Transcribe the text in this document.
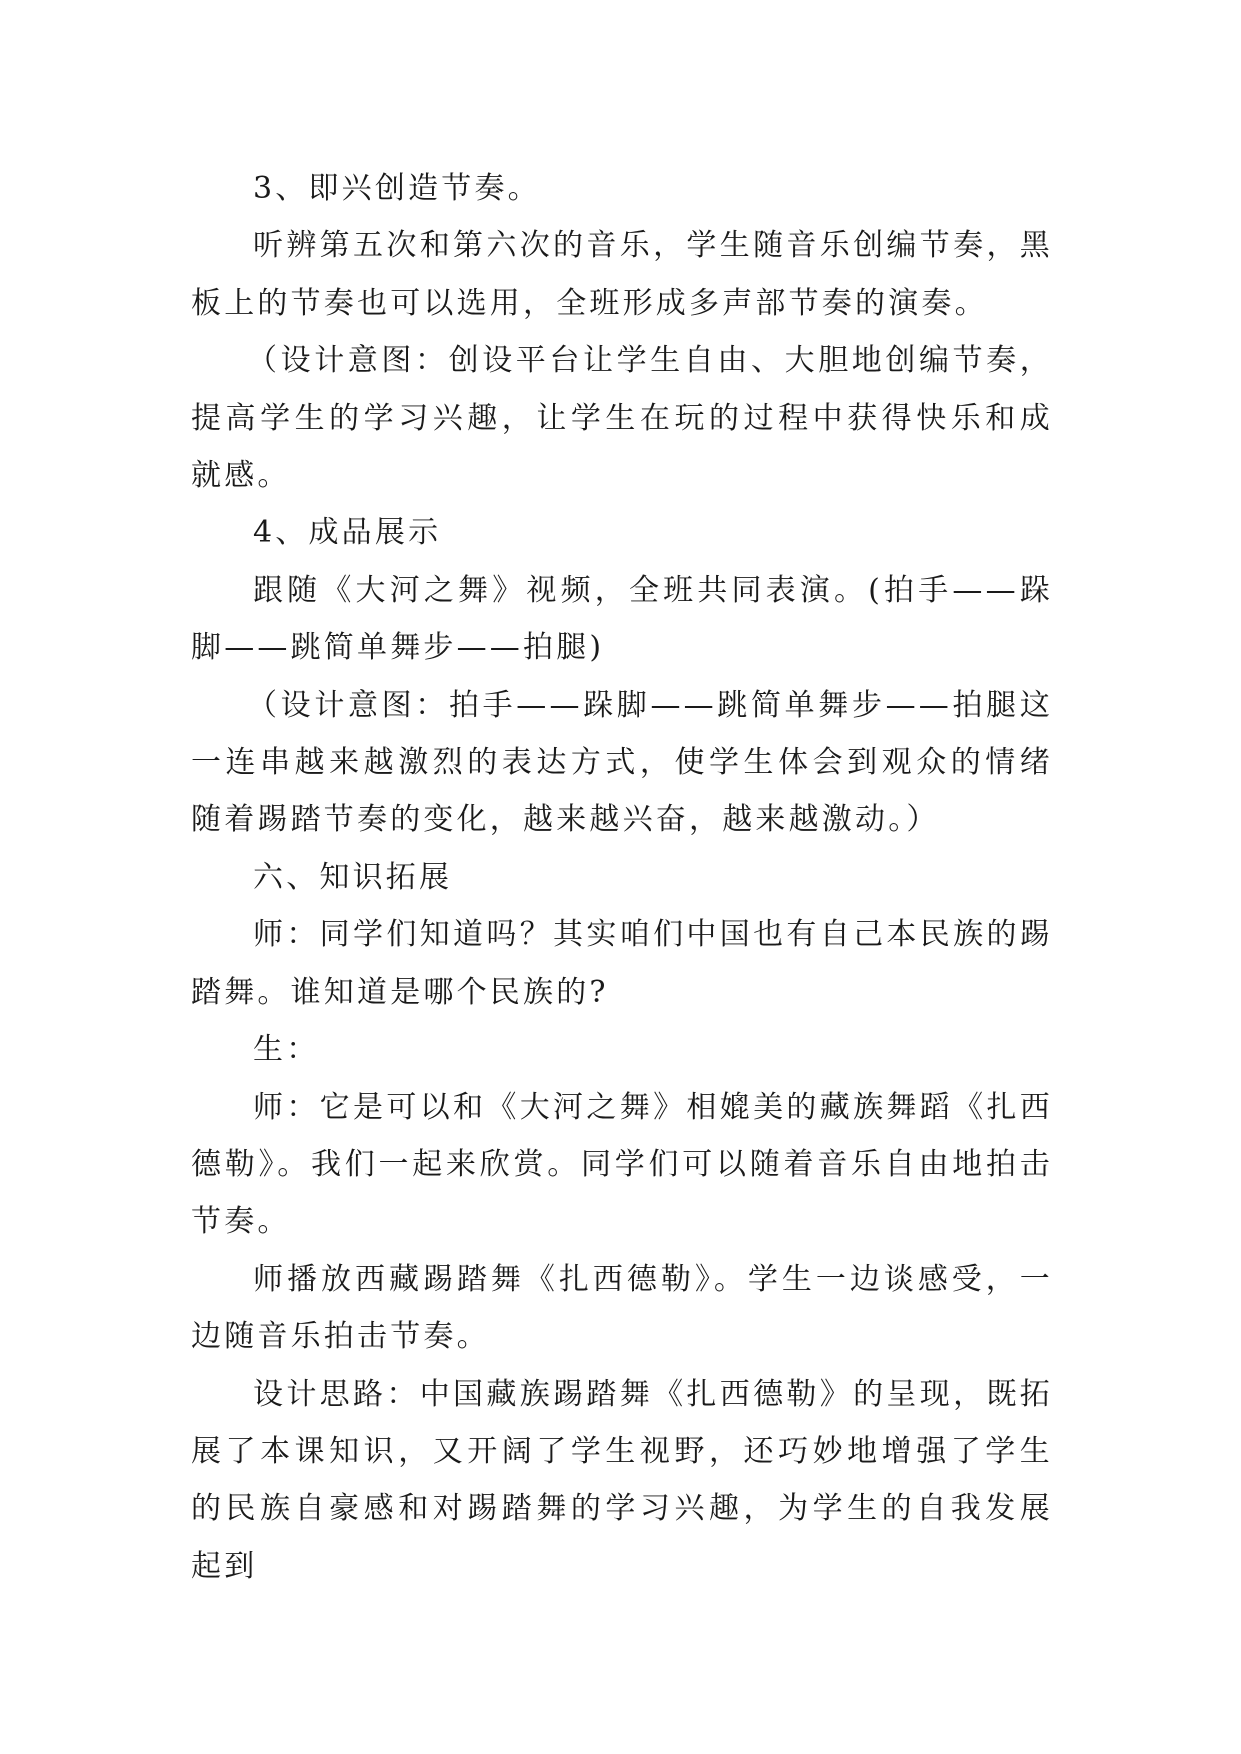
3、即兴创造节奏。

听辨第五次和第六次的音乐，学生随音乐创编节奏，黑板上的节奏也可以选用，全班形成多声部节奏的演奏。

（设计意图：创设平台让学生自由、大胆地创编节奏，提高学生的学习兴趣，让学生在玩的过程中获得快乐和成就感。

4、成品展示

跟随《大河之舞》视频，全班共同表演。(拍手——跺脚——跳简单舞步——拍腿)

（设计意图：拍手——跺脚——跳简单舞步——拍腿这一连串越来越激烈的表达方式，使学生体会到观众的情绪随着踢踏节奏的变化，越来越兴奋，越来越激动。）

六、知识拓展

师：同学们知道吗？其实咱们中国也有自己本民族的踢踏舞。谁知道是哪个民族的?

生：

师：它是可以和《大河之舞》相媲美的藏族舞蹈《扎西德勒》。我们一起来欣赏。同学们可以随着音乐自由地拍击节奏。

师播放西藏踢踏舞《扎西德勒》。学生一边谈感受，一边随音乐拍击节奏。

设计思路：中国藏族踢踏舞《扎西德勒》的呈现，既拓展了本课知识，又开阔了学生视野，还巧妙地增强了学生的民族自豪感和对踢踏舞的学习兴趣，为学生的自我发展起到
